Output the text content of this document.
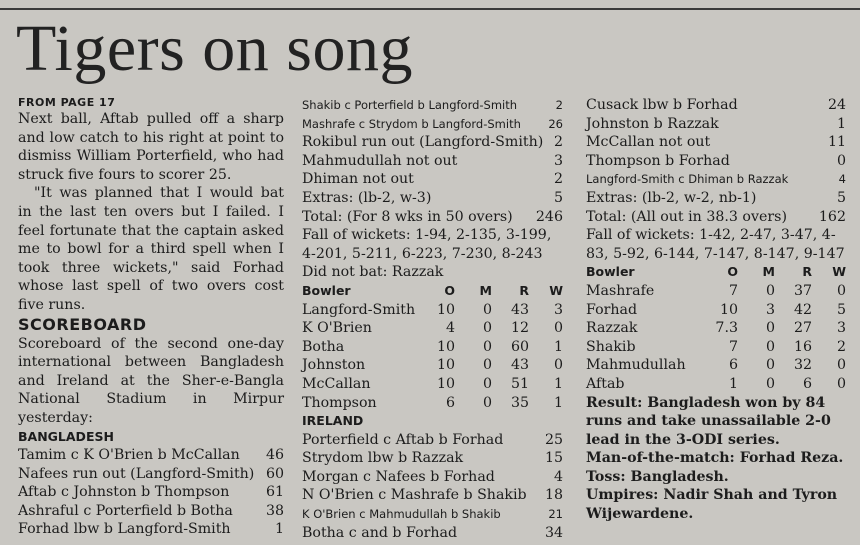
Tigers on song
FROM PAGE 17
Next ball, Aftab pulled off a sharp and low catch to his right at point to dismiss William Porterfield, who had struck five fours to scorer 25.
"It was planned that I would bat in the last ten overs but I failed. I feel fortunate that the captain asked me to bowl for a third spell when I took three wickets," said Forhad whose last spell of two overs cost five runs.
SCOREBOARD
Scoreboard of the second one-day international between Bangladesh and Ireland at the Sher-e-Bangla National Stadium in Mirpur yesterday:
BANGLADESH
Tamim c K O'Brien b McCallan 46
Nafees run out (Langford-Smith) 60
Aftab c Johnston b Thompson	61
Ashraful c Porterfield b Botha 38
Forhad lbw b Langford-Smith	1
Shakib c Porterfield b Langford-Smith	2
Mashrafe c Strydom b Langford-Smith 26
Rokibul run out (Langford-Smith) 2
Mahmudullah not out	3
Dhiman not out	2
Extras: (lb-2, w-3)	5
Total: (For 8 wks in 50 overs) 246
Fall of wickets: 1-94, 2-135, 3-199, 4-201, 5-211, 6-223, 7-230, 8-243
Did not bat: Razzak
Bowler	O	M	R	W
Langford-Smith	10	0	43	3
K O'Brien	4	0	12	0
Botha	10	0	60	1
Johnston	10	0	43	0
McCallan	10	0	51	1
Thompson	6	0	35	1
IRELAND
Porterfield c Aftab b Forhad	25
Strydom lbw b Razzak	15
Morgan c Nafees b Forhad	4
N O'Brien c Mashrafe b Shakib 18
K O'Brien c Mahmudullah b Shakib	21
Botha c and b Forhad	34
Cusack lbw b Forhad	24
Johnston b Razzak	1
McCallan not out	11
Thompson b Forhad	0
Langford-Smith c Dhiman b Razzak	4
Extras: (lb-2, w-2, nb-1)	5
Total: (All out in 38.3 overs) 162
Fall of wickets: 1-42, 2-47, 3-47, 4-83, 5-92, 6-144, 7-147, 8-147, 9-147
Bowler	O	M	R	W
Mashrafe	7	0	37	0
Forhad	10	3	42	5
Razzak	7.3	0	27	3
Shakib	7	0	16	2
Mahmudullah	6	0	32	0
Aftab	1	0	6	0
Result: Bangladesh won by 84 runs and take unassailable 2-0 lead in the 3-ODI series.
Man-of-the-match: Forhad Reza.
Toss: Bangladesh.
Umpires: Nadir Shah and Tyron Wijewardene.
